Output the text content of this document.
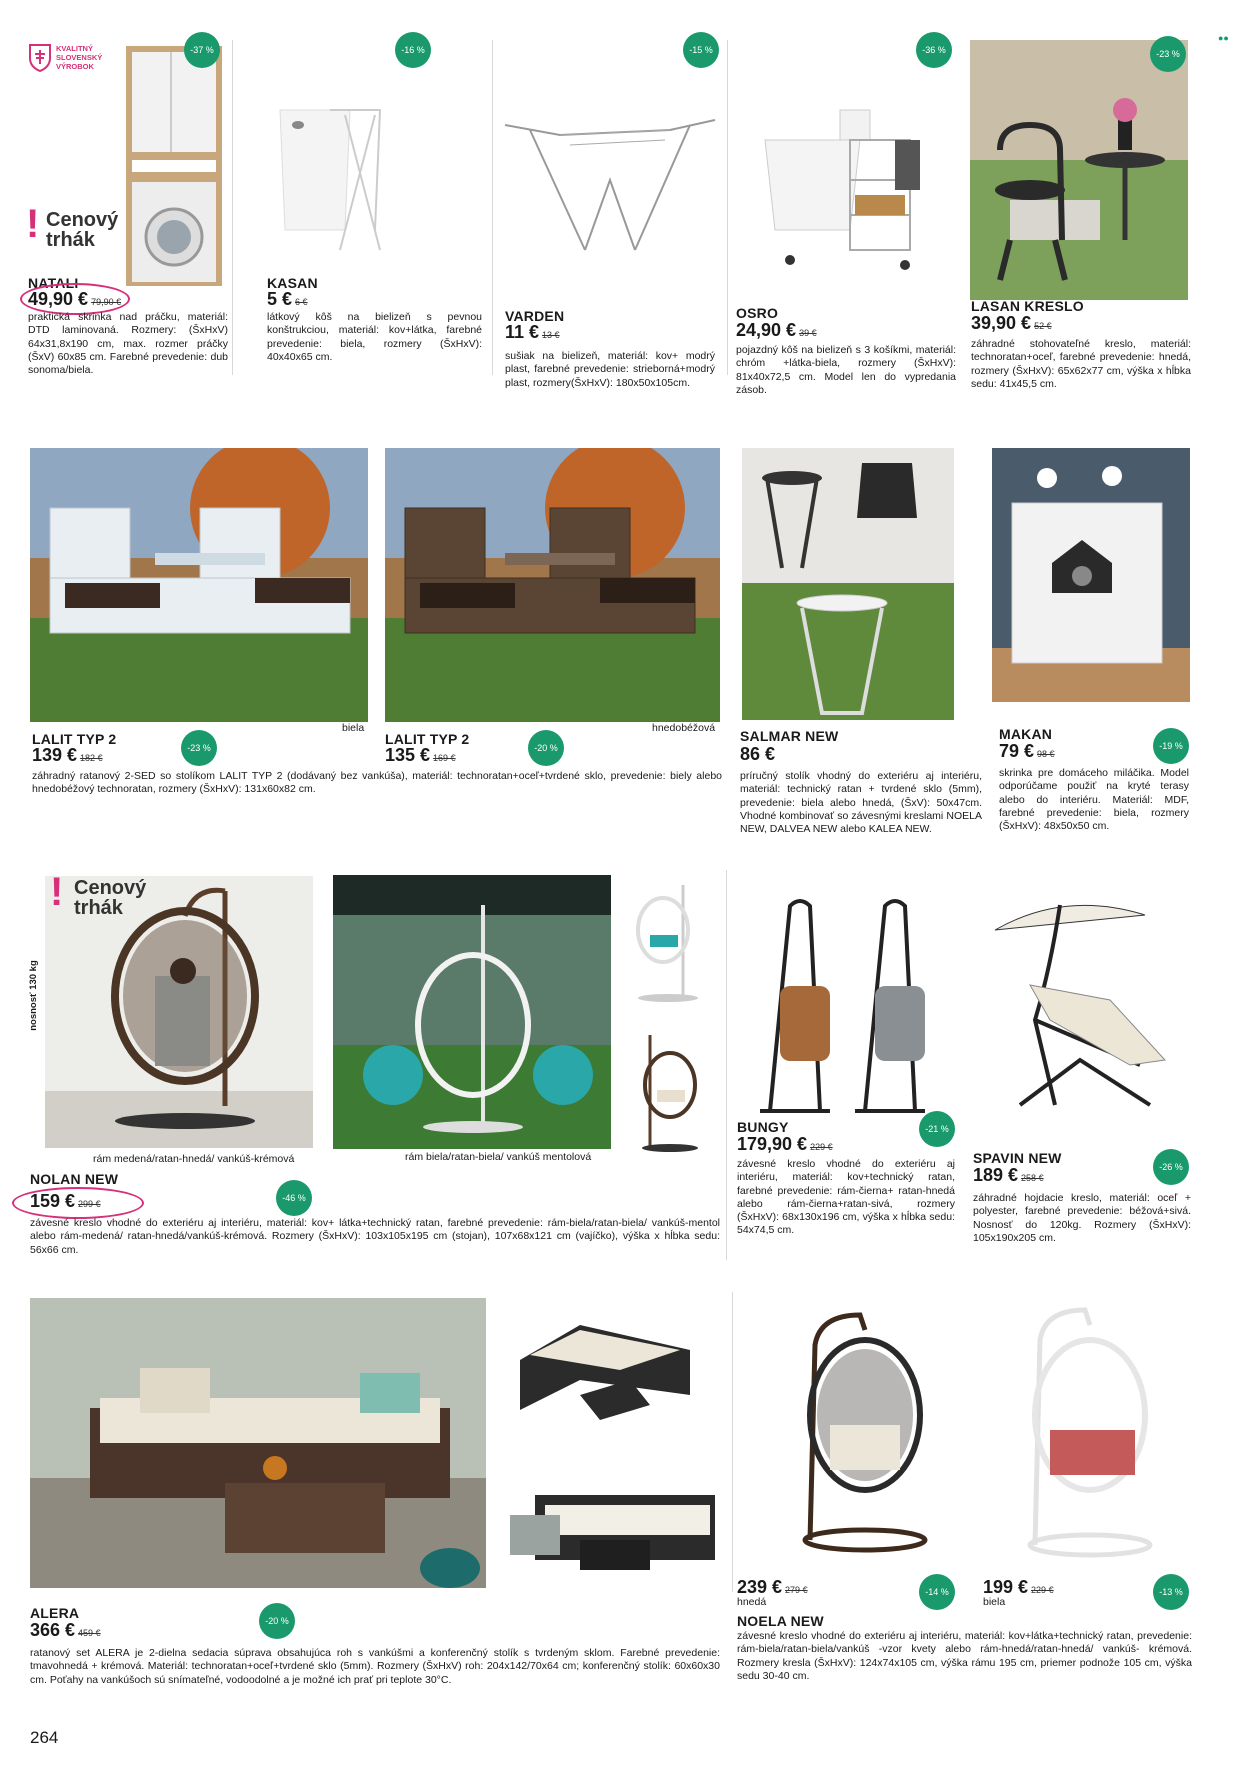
KVALITNÝ
SLOVENSKÝ
VÝROBOK
-37 %
! Cenový
trhák
NATALI
49,90 € 79,90 €
praktická skrinka nad práčku, materiál: DTD laminovaná. Rozmery: (ŠxHxV) 64x31,8x190 cm, max. rozmer práčky (ŠxV) 60x85 cm. Farebné prevedenie: dub sonoma/biela.
-16 %
KASAN
5 € 6 €
látkový kôš na bielizeň s pevnou konštrukciou, materiál: kov+látka, farebné prevedenie: biela, rozmery (ŠxHxV): 40x40x65 cm.
-15 %
VARDEN
11 € 13 €
sušiak na bielizeň, materiál: kov+ modrý plast, farebné prevedenie: strieborná+modrý plast, rozmery(ŠxHxV): 180x50x105cm.
-36 %
OSRO
24,90 € 39 €
pojazdný kôš na bielizeň s 3 košíkmi, materiál: chróm +látka-biela, rozmery (ŠxHxV): 81x40x72,5 cm. Model len do vypredania zásob.
-23 %
●●
LASAN KRESLO
39,90 € 52 €
záhradné stohovateľné kreslo, materiál: technoratan+oceľ, farebné prevedenie: hnedá, rozmery (ŠxHxV): 65x62x77 cm, výška x hĺbka sedu: 41x45,5 cm.
biela	hnedobéžová
LALIT TYP 2
139 € 182 €
-23 %
LALIT TYP 2
135 € 169 €
-20 %
záhradný ratanový 2-SED so stolíkom LALIT TYP 2 (dodávaný bez vankúša), materiál: technoratan+oceľ+tvrdené sklo, prevedenie: biely alebo hnedobéžový technoratan, rozmery (ŠxHxV): 131x60x82 cm.
SALMAR NEW
86 €
príručný stolík vhodný do exteriéru aj interiéru, materiál: technický ratan + tvrdené sklo (5mm), prevedenie: biela alebo hnedá, (ŠxV): 50x47cm. Vhodné kombinovať so závesnými kreslami NOELA NEW, DALVEA NEW alebo KALEA NEW.
MAKAN
79 € 98 €
-19 %
skrinka pre domáceho miláčika. Model odporúčame použiť na kryté terasy alebo do interiéru. Materiál: MDF, farebné prevedenie: biela, rozmery (ŠxHxV): 48x50x50 cm.
! Cenový
trhák
nosnosť 130 kg
rám medená/ratan-hnedá/ vankúš-krémová	rám biela/ratan-biela/ vankúš mentolová
NOLAN NEW
159 € 299 €
-46 %
závesné kreslo vhodné do exteriéru aj interiéru, materiál: kov+ látka+technický ratan, farebné prevedenie: rám-biela/ratan-biela/ vankúš-mentol alebo rám-medená/ ratan-hnedá/vankúš-krémová. Rozmery (ŠxHxV): 103x105x195 cm (stojan), 107x68x121 cm (vajíčko), výška x hĺbka sedu: 56x66 cm.
BUNGY
179,90 € 229 €
-21 %
závesné kreslo vhodné do exteriéru aj interiéru, materiál: kov+technický ratan, farebné prevedenie: rám-čierna+ ratan-hnedá alebo rám-čierna+ratan-sivá, rozmery (ŠxHxV): 68x130x196 cm, výška x hĺbka sedu: 54x74,5 cm.
SPAVIN NEW
189 € 258 €
-26 %
záhradné hojdacie kreslo, materiál: oceľ + polyester, farebné prevedenie: béžová+sivá. Nosnosť do 120kg. Rozmery (ŠxHxV): 105x190x205 cm.
ALERA
366 € 459 €
-20 %
ratanový set ALERA je 2-dielna sedacia súprava obsahujúca roh s vankúšmi a konferenčný stolík s tvrdeným sklom. Farebné prevedenie: tmavohnedá + krémová. Materiál: technoratan+oceľ+tvrdené sklo (5mm). Rozmery (ŠxHxV) roh: 204x142/70x64 cm; konferenčný stolík: 60x60x30 cm. Poťahy na vankúšoch sú snímateľné, vodoodolné a je možné ich prať pri teplote 30°C.
239 € 279 €
hnedá
-14 %	199 € 229 €
biela
-13 %
NOELA NEW
závesné kreslo vhodné do exteriéru aj interiéru, materiál: kov+látka+technický ratan, prevedenie: rám-biela/ratan-biela/vankúš -vzor kvety alebo rám-hnedá/ratan-hnedá/ vankúš- krémová. Rozmery kresla (ŠxHxV): 124x74x105 cm, výška rámu 195 cm, priemer podnože 105 cm, výška sedu 30-40 cm.
264
